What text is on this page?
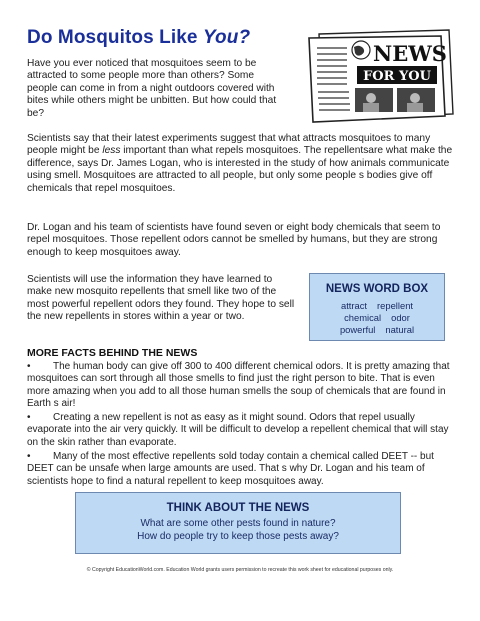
Do Mosquitos Like You?

Have you ever noticed that mosquitoes seem to be attracted to some people more than others? Some people can come in from a night outdoors covered with bites while others might be unbitten. But how could that be?

NEWS
FOR YOU

Scientists say that their latest experiments suggest that what attracts mosquitoes to many people might be less important than what repels mosquitoes. The repellentsare what make the difference, says Dr. James Logan, who is interested in the study of how animals communicate using smell. Mosquitoes are attracted to all people, but only some people s bodies give off chemicals that repel mosquitoes.

Dr. Logan and his team of scientists have found seven or eight body chemicals that seem to repel mosquitoes. Those repellent odors cannot be smelled by humans, but they are strong enough to keep mosquitoes away.

Scientists will use the information they have learned to make new mosquito repellents that smell like two of the most powerful repellent odors they found. They hope to sell the new repellents in stores within a year or two.

NEWS WORD BOX
attract repellent
chemical odor
powerful natural
MORE FACTS BEHIND THE NEWS

• The human body can give off 300 to 400 different chemical odors. It is pretty amazing that mosquitoes can sort through all those smells to find just the right person to bite. That is even more amazing when you add to all those human smells the soup of chemicals that are found in Earth s air!

• Creating a new repellent is not as easy as it might sound. Odors that repel usually evaporate into the air very quickly. It will be difficult to develop a repellent chemical that will stay on the skin rather than evaporate.

• Many of the most effective repellents sold today contain a chemical called DEET -- but DEET can be unsafe when large amounts are used. That s why Dr. Logan and his team of scientists hope to find a natural repellent to keep mosquitoes away.

THINK ABOUT THE NEWS
What are some other pests found in nature?
How do people try to keep those pests away?

© Copyright EducationWorld.com. Education World grants users permission to recreate this work sheet for educational purposes only.
